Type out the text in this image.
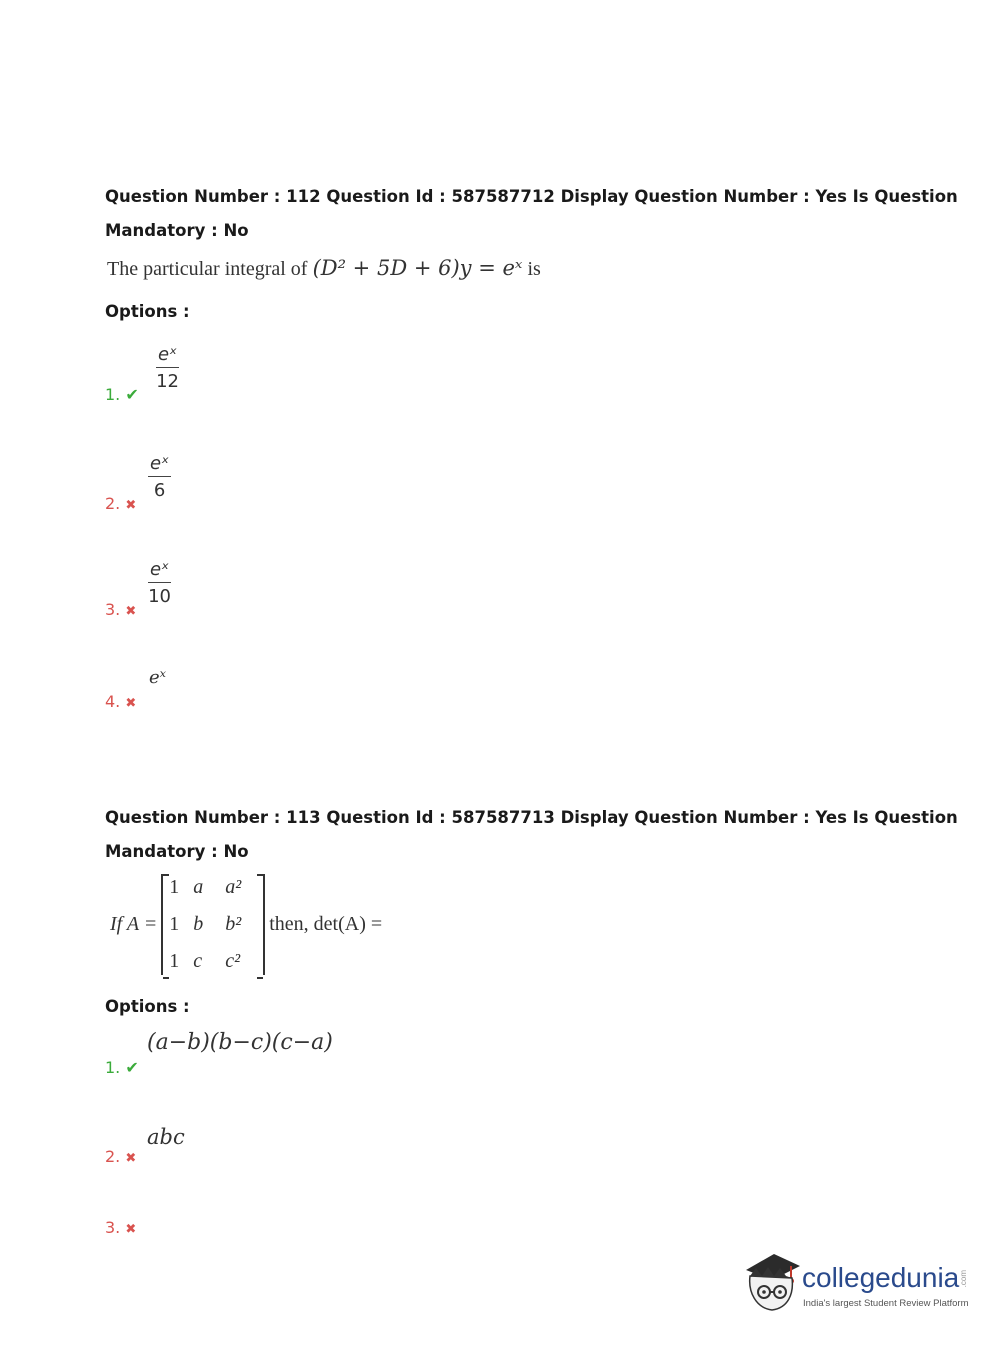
Question Number : 112 Question Id : 587587712 Display Question Number : Yes Is Question
Mandatory : No
The particular integral of (D² + 5D + 6)y = eˣ is
Options :
1. ✔
eˣ
12
2. ✖
eˣ
6
3. ✖
eˣ
10
4. ✖
eˣ
Question Number : 113 Question Id : 587587713 Display Question Number : Yes Is Question
Mandatory : No
If A =
1 a	a²
1 b	b²
1 c	c²
then, det(A) =
Options :
1. ✔
(a−b)(b−c)(c−a)
2. ✖
abc
3. ✖
collegedunia .com
India's largest Student Review Platform
